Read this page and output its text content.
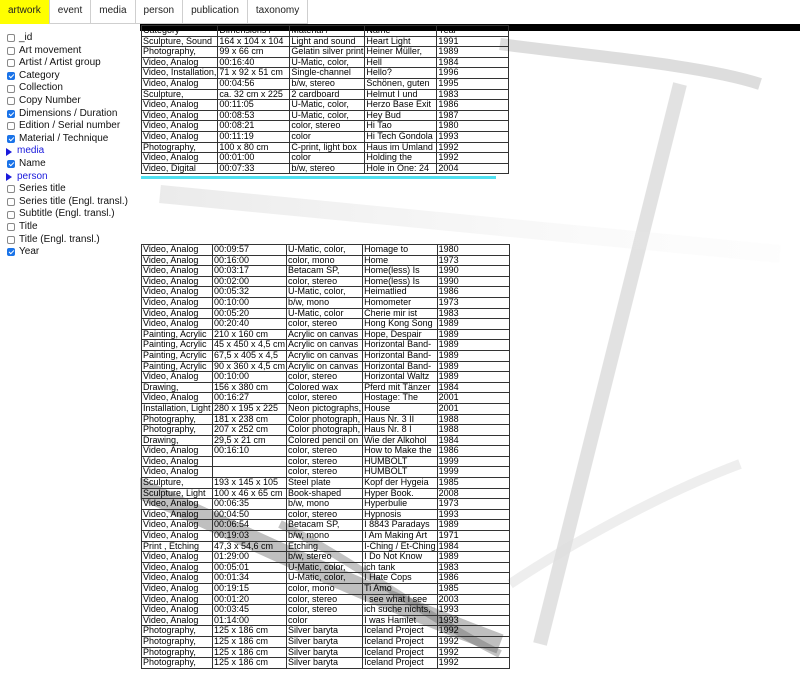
artwork	event	media	person	publication	taxonomy
_id
Art movement
Artist / Artist group
Category
Collection
Copy Number
Dimensions / Duration
Edition / Serial number
Material / Technique
media
Name
person
Series title
Series title (Engl. transl.)
Subtitle (Engl. transl.)
Title
Title (Engl. transl.)
Year
Category	Dimensions /	Material /	Name	Year
Sculpture, Sound	164 x 104 x 104	Light and sound	Heart Light	1991
Photography,	99 x 66 cm	Gelatin silver print	Heiner Müller,	1989
Video, Analog	00:16:40	U-Matic, color,	Hell	1984
Video, Installation,	71 x 92 x 51 cm	Single-channel	Hello?	1996
Video, Analog	00:04:56	b/w, stereo	Schönen, guten	1995
Sculpture,	ca. 32 cm x 225	2 cardboard	Helmut I und	1983
Video, Analog	00:11:05	U-Matic, color,	Herzo Base Exit	1986
Video, Analog	00:08:53	U-Matic, color,	Hey Bud	1987
Video, Analog	00:08:21	color, stereo	Hi Tao	1980
Video, Analog	00:11:19	color	Hi Tech Gondola	1993
Photography,	100 x 80 cm	C-print, light box	Haus im Umland	1992
Video, Analog	00:01:00	color	Holding the	1992
Video, Digital	00:07:33	b/w, stereo	Hole in One: 24	2004
Video, Analog	00:09:57	U-Matic, color,	Homage to	1980
Video, Analog	00:16:00	color, mono	Home	1973
Video, Analog	00:03:17	Betacam SP,	Home(less) Is	1990
Video, Analog	00:02:00	color, stereo	Home(less) Is	1990
Video, Analog	00:05:32	U-Matic, color,	Heimatlied	1986
Video, Analog	00:10:00	b/w, mono	Homometer	1973
Video, Analog	00:05:20	U-Matic, color	Cherie mir ist	1983
Video, Analog	00:20:40	color, stereo	Hong Kong Song	1989
Painting, Acrylic	210 x 160 cm	Acrylic on canvas	Hope, Despair	1989
Painting, Acrylic	45 x 450 x 4,5 cm	Acrylic on canvas	Horizontal Band-	1989
Painting, Acrylic	67,5 x 405 x 4,5	Acrylic on canvas	Horizontal Band-	1989
Painting, Acrylic	90 x 360 x 4,5 cm	Acrylic on canvas	Horizontal Band-	1989
Video, Analog	00:10:00	color, stereo	Horizontal Waltz	1989
Drawing,	156 x 380 cm	Colored wax	Pferd mit Tänzer	1984
Video, Analog	00:16:27	color, stereo	Hostage: The	2001
Installation, Light	280 x 195 x 225	Neon pictographs,	House	2001
Photography,	181 x 238 cm	Color photograph,	Haus Nr. 3 II	1988
Photography,	207 x 252 cm	Color photograph,	Haus Nr. 8 I	1988
Drawing,	29,5 x 21 cm	Colored pencil on	Wie der Alkohol	1984
Video, Analog	00:16:10	color, stereo	How to Make the	1986
Video, Analog		color, stereo	HUMBOLT	1999
Video, Analog		color, stereo	HUMBOLT	1999
Sculpture,	193 x 145 x 105	Steel plate	Kopf der Hygeia	1985
Sculpture, Light	100 x 46 x 65 cm	Book-shaped	Hyper Book.	2008
Video, Analog	00:06:35	b/w, mono	Hyperbulie	1973
Video, Analog	00:04:50	color, stereo	Hypnosis	1993
Video, Analog	00:06:54	Betacam SP,	I 8843 Paradays	1989
Video, Analog	00:19:03	b/w, mono	I Am Making Art	1971
Print , Etching	47,3 x 54,6 cm	Etching	I-Ching / Et-Ching	1984
Video, Analog	01:29:00	b/w, stereo	I Do Not Know	1989
Video, Analog	00:05:01	U-Matic, color,	ich tank	1983
Video, Analog	00:01:34	U-Matic, color,	I Hate Cops	1986
Video, Analog	00:19:15	color, mono	Ti Amo	1985
Video, Analog	00:01:20	color, stereo	I see what I see	2003
Video, Analog	00:03:45	color, stereo	ich suche nichts,	1993
Video, Analog	01:14:00	color	I was Hamlet	1993
Photography,	125 x 186 cm	Silver baryta	Iceland Project	1992
Photography,	125 x 186 cm	Silver baryta	Iceland Project	1992
Photography,	125 x 186 cm	Silver baryta	Iceland Project	1992
Photography,	125 x 186 cm	Silver baryta	Iceland Project	1992
